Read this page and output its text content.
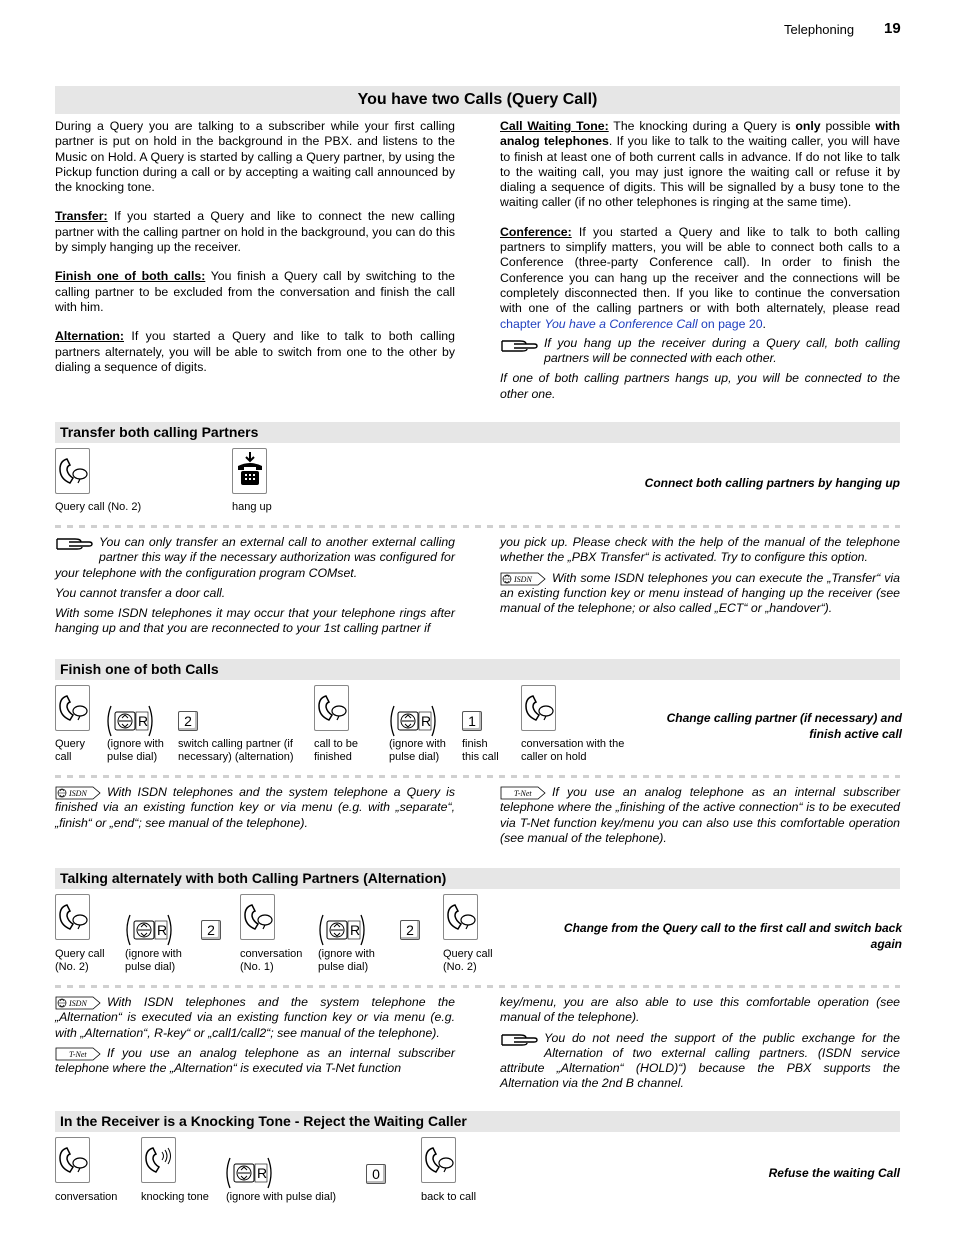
Telephoning 19
You have two Calls (Query Call)

During a Query you are talking to a subscriber while your first calling partner is put on hold in the background in the PBX. and listens to the Music on Hold. A Query is started by calling a Query partner, by using the Pickup function during a call or by accepting a waiting call announced by the knocking tone.

Transfer: If you started a Query and like to connect the new calling partner with the calling partner on hold in the background, you can do this by simply hanging up the receiver.

Finish one of both calls: You finish a Query call by switching to the calling partner to be excluded from the conversation and finish the call with him.

Alternation: If you started a Query and like to talk to both calling partners alternately, you will be able to switch from one to the other by dialing a sequence of digits.

Call Waiting Tone: The knocking during a Query is only possible with analog telephones. If you like to talk to the waiting caller, you will have to finish at least one of both current calls in advance. If do not like to talk to the waiting call, you may just ignore the waiting call or refuse it by dialing a sequence of digits. This will be signalled by a busy tone to the waiting caller (if no other telephones is ringing at the same time).

Conference: If you started a Query and like to talk to both calling partners to simplify matters, you will be able to connect both calls to a Conference (three-party Conference call). In order to finish the Conference you can hang up the receiver and the connections will be completely disconnected then. If you like to continue the conversation with one of the calling partners or with both alternately, please read chapter You have a Conference Call on page 20.

If you hang up the receiver during a Query call, both calling partners will be connected with each other.
If one of both calling partners hangs up, you will be connected to the other one.
Transfer both calling Partners
Query call (No. 2)	hang up
Connect both calling partners by hanging up

You can only transfer an external call to another external calling partner this way if the necessary authorization was configured for your telephone with the configuration program COMset.

You cannot transfer a door call.

With some ISDN telephones it may occur that your telephone rings after hanging up and that you are reconnected to your 1st calling partner if

you pick up. Please check with the help of the manual of the telephone whether the „PBX Transfer“ is activated. Try to configure this option.

ISDN With some ISDN telephones you can execute the „Transfer“ via an existing function key or menu instead of hanging up the receiver (see manual of the telephone; or also called „ECT“ or „handover“).

Finish one of both Calls
R	2	R	1
Query call
(ignore with pulse dial)
switch calling partner (if necessary) (alternation)
call to be finished
(ignore with pulse dial)
finish this call
conversation with the caller on hold
Change calling partner (if necessary) and finish active call

ISDN With ISDN telephones and the system telephone a Query is finished via an existing function key or via menu (e.g. with „separate“, „finish“ or „end“; see manual of the telephone).

T-Net If you use an analog telephone as an internal subscriber telephone where the „finishing of the active connection“ is to be executed via T-Net function key/menu you can also use this comfortable operation (see manual of the telephone).

Talking alternately with both Calling Partners (Alternation)
R	2	R	2
Query call (No. 2)
(ignore with pulse dial)
conversation (No. 1)
(ignore with pulse dial)
Query call (No. 2)
Change from the Query call to the first call and switch back again

ISDN With ISDN telephones and the system telephone the „Alternation“ is executed via an existing function key or via menu (e.g. with „Alternation“, R-key“ or „call1/call2“; see manual of the telephone).

T-Net If you use an analog telephone as an internal subscriber telephone where the „Alternation“ is executed via T-Net function

key/menu, you are also able to use this comfortable operation (see manual of the telephone).

You do not need the support of the public exchange for the Alternation of two external calling partners. (ISDN service attribute „Alternation“ (HOLD)“) because the PBX supports the Alternation via the 2nd B channel.

In the Receiver is a Knocking Tone - Reject the Waiting Caller
R	0
conversation knocking tone (ignore with pulse dial)	back to call
Refuse the waiting Call
